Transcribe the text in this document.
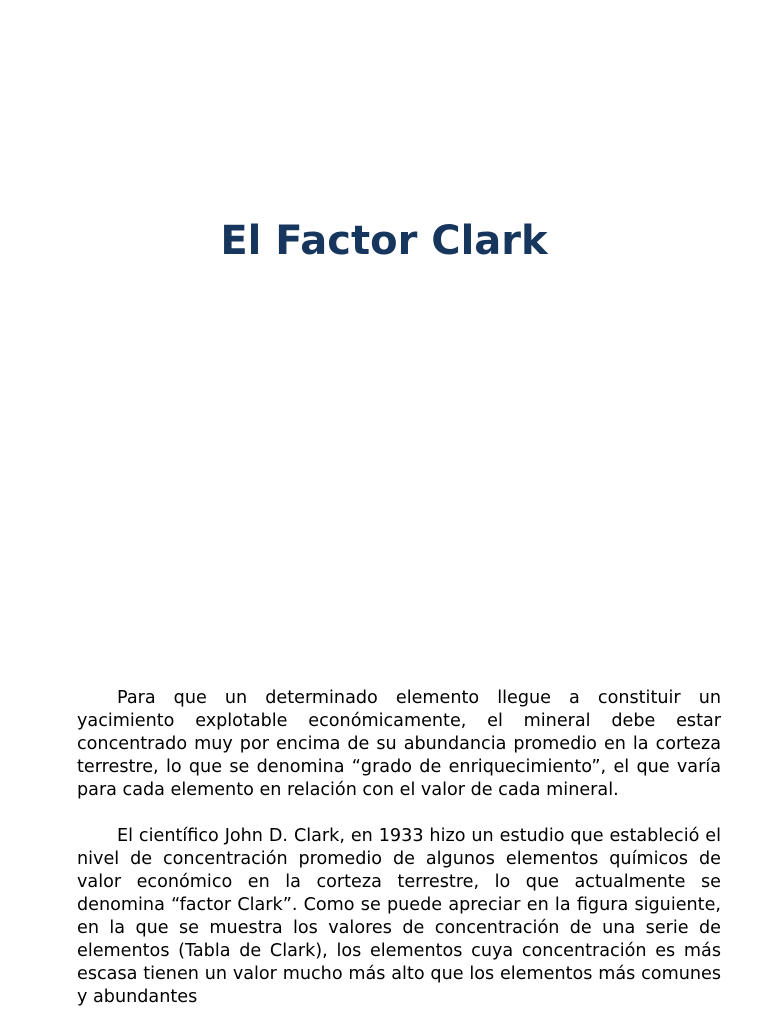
El Factor Clark

Para que un determinado elemento llegue a constituir un yacimiento explotable económicamente, el mineral debe estar concentrado muy por encima de su abundancia promedio en la corteza terrestre, lo que se denomina “grado de enriquecimiento”, el que varía para cada elemento en relación con el valor de cada mineral.

El científico John D. Clark, en 1933 hizo un estudio que estableció el nivel de concentración promedio de algunos elementos químicos de valor económico en la corteza terrestre, lo que actualmente se denomina “factor Clark”. Como se puede apreciar en la figura siguiente, en la que se muestra los valores de concentración de una serie de elementos (Tabla de Clark), los elementos cuya concentración es más escasa tienen un valor mucho más alto que los elementos más comunes y abundantes
